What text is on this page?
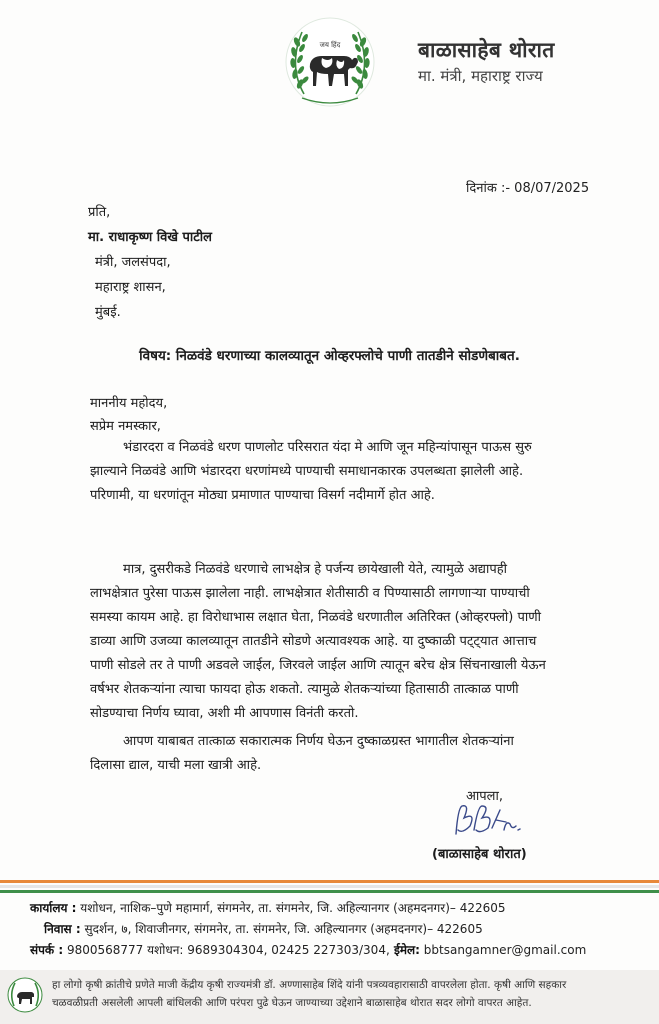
जय हिंद	बाळासाहेब थोरात
मा. मंत्री, महाराष्ट्र राज्य
दिनांक :- 08/07/2025
प्रति,
मा. राधाकृष्ण विखे पाटील
मंत्री, जलसंपदा,
महाराष्ट्र शासन,
मुंबई.
विषय: निळवंडे धरणाच्या कालव्यातून ओव्हरफ्लोचे पाणी तातडीने सोडणेबाबत.
माननीय महोदय,
सप्रेम नमस्कार,
भंडारदरा व निळवंडे धरण पाणलोट परिसरात यंदा मे आणि जून महिन्यांपासून पाऊस सुरु
झाल्याने निळवंडे आणि भंडारदरा धरणांमध्ये पाण्याची समाधानकारक उपलब्धता झालेली आहे.
परिणामी, या धरणांतून मोठ्या प्रमाणात पाण्याचा विसर्ग नदीमार्गे होत आहे.
मात्र, दुसरीकडे निळवंडे धरणाचे लाभक्षेत्र हे पर्जन्य छायेखाली येते, त्यामुळे अद्यापही
लाभक्षेत्रात पुरेसा पाऊस झालेला नाही. लाभक्षेत्रात शेतीसाठी व पिण्यासाठी लागणाऱ्या पाण्याची
समस्या कायम आहे. हा विरोधाभास लक्षात घेता, निळवंडे धरणातील अतिरिक्त (ओव्हरफ्लो) पाणी
डाव्या आणि उजव्या कालव्यातून तातडीने सोडणे अत्यावश्यक आहे. या दुष्काळी पट्ट्यात आत्ताच
पाणी सोडले तर ते पाणी अडवले जाईल, जिरवले जाईल आणि त्यातून बरेच क्षेत्र सिंचनाखाली येऊन
वर्षभर शेतकऱ्यांना त्याचा फायदा होऊ शकतो. त्यामुळे शेतकऱ्यांच्या हितासाठी तात्काळ पाणी
सोडण्याचा निर्णय घ्यावा, अशी मी आपणास विनंती करतो.
आपण याबाबत तात्काळ सकारात्मक निर्णय घेऊन दुष्काळग्रस्त भागातील शेतकऱ्यांना
दिलासा द्याल, याची मला खात्री आहे.
आपला,
(बाळासाहेब थोरात)
कार्यालय : यशोधन, नाशिक–पुणे महामार्ग, संगमनेर, ता. संगमनेर, जि. अहिल्यानगर (अहमदनगर)– 422605
निवास : सुदर्शन, ७, शिवाजीनगर, संगमनेर, ता. संगमनेर, जि. अहिल्यानगर (अहमदनगर)– 422605
संपर्क : 9800568777 यशोधन: 9689304304, 02425 227303/304, ईमेल: bbtsangamner@gmail.com
हा लोगो कृषी क्रांतीचे प्रणेते माजी केंद्रीय कृषी राज्यमंत्री डॉ. अण्णासाहेब शिंदे यांनी पत्रव्यवहारासाठी वापरलेला होता. कृषी आणि सहकार
चळवळीप्रती असलेली आपली बांधिलकी आणि परंपरा पुढे घेऊन जाण्याच्या उद्देशाने बाळासाहेब थोरात सदर लोगो वापरत आहेत.
